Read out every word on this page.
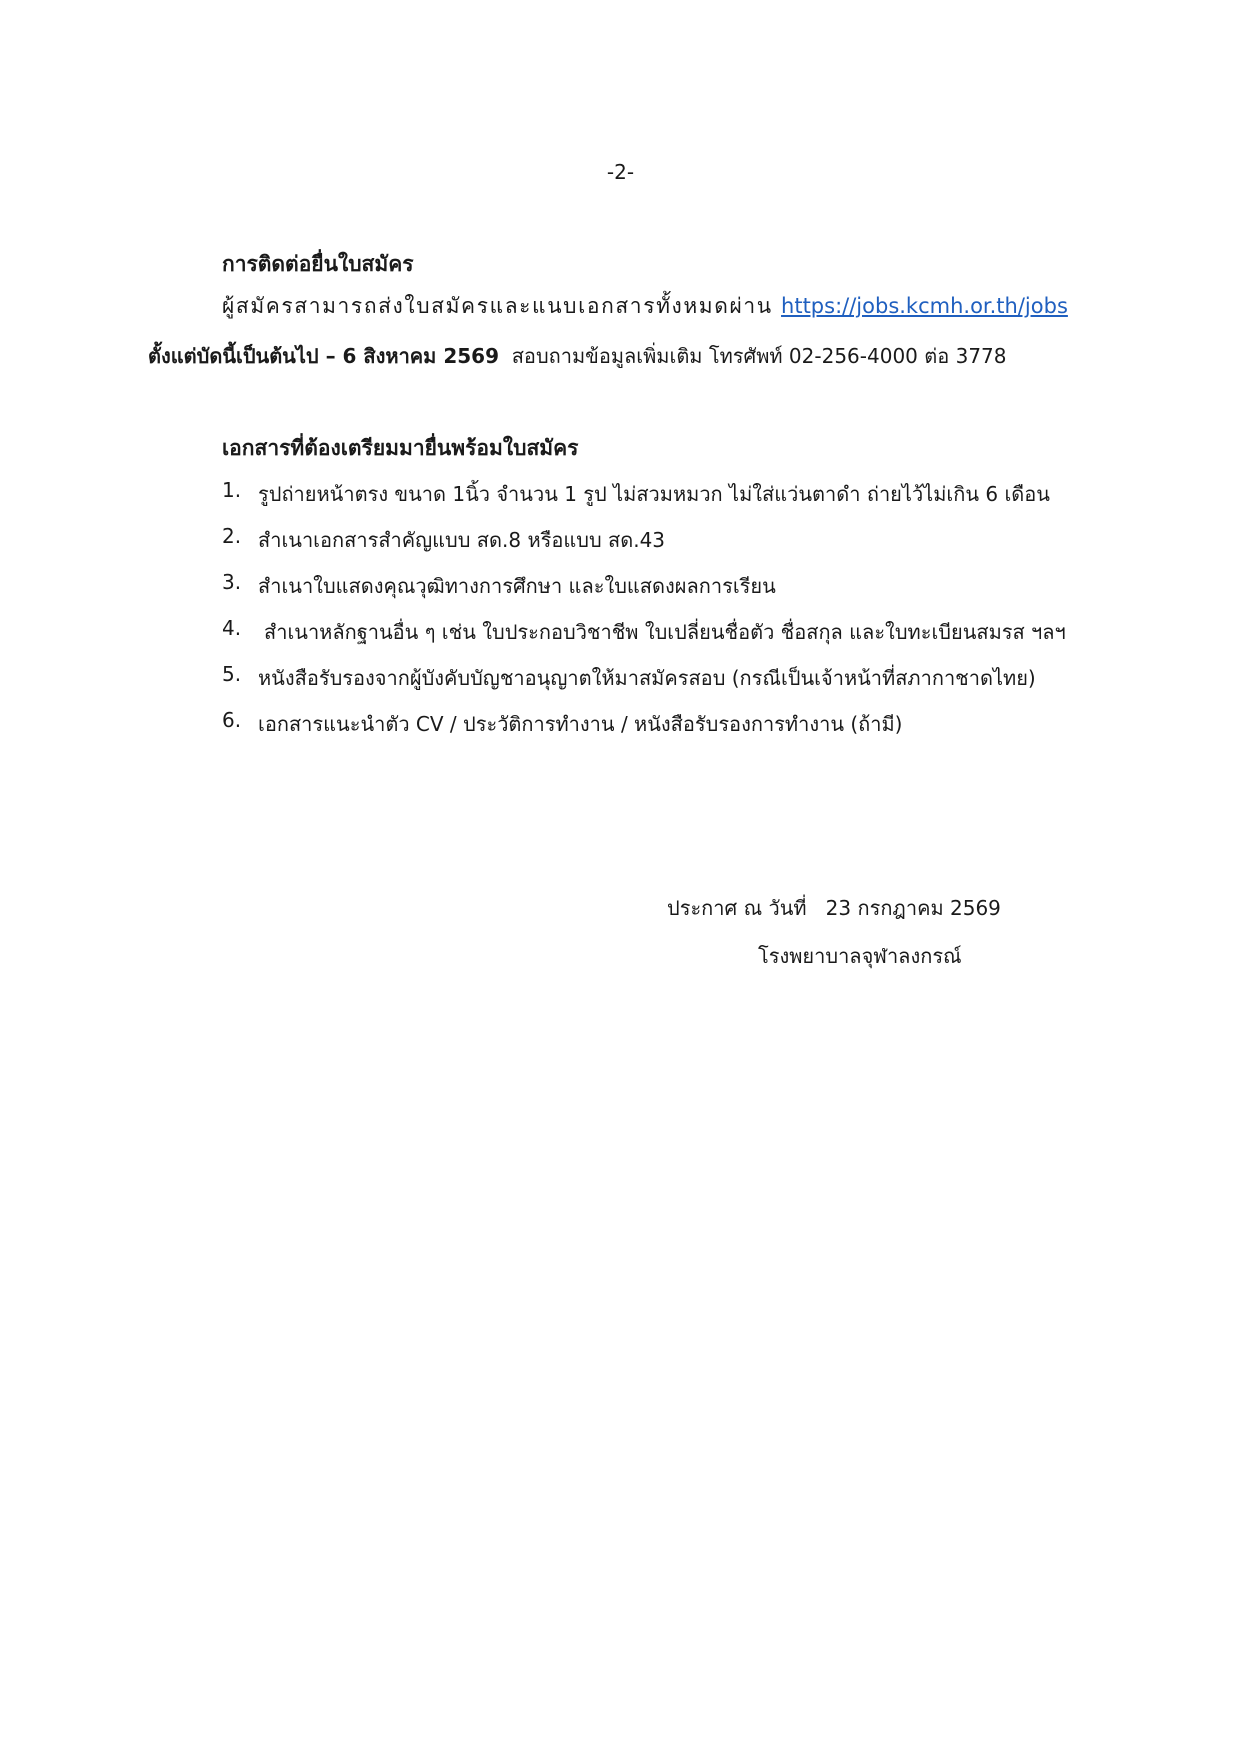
-2-
การติดต่อยื่นใบสมัคร
ผู้สมัครสามารถส่งใบสมัครและแนบเอกสารทั้งหมดผ่าน https://jobs.kcmh.or.th/jobs
ตั้งแต่บัดนี้เป็นต้นไป – 6 สิงหาคม 2569 สอบถามข้อมูลเพิ่มเติม โทรศัพท์ 02-256-4000 ต่อ 3778
เอกสารที่ต้องเตรียมมายื่นพร้อมใบสมัคร
1. รูปถ่ายหน้าตรง ขนาด 1นิ้ว จำนวน 1 รูป ไม่สวมหมวก ไม่ใส่แว่นตาดำ ถ่ายไว้ไม่เกิน 6 เดือน
2. สำเนาเอกสารสำคัญแบบ สด.8 หรือแบบ สด.43
3. สำเนาใบแสดงคุณวุฒิทางการศึกษา และใบแสดงผลการเรียน
4.	สำเนาหลักฐานอื่น ๆ เช่น ใบประกอบวิชาชีพ ใบเปลี่ยนชื่อตัว ชื่อสกุล และใบทะเบียนสมรส ฯลฯ
5. หนังสือรับรองจากผู้บังคับบัญชาอนุญาตให้มาสมัครสอบ (กรณีเป็นเจ้าหน้าที่สภากาชาดไทย)
6. เอกสารแนะนำตัว CV / ประวัติการทำงาน / หนังสือรับรองการทำงาน (ถ้ามี)
ประกาศ ณ วันที่ 23 กรกฎาคม 2569
โรงพยาบาลจุฬาลงกรณ์
